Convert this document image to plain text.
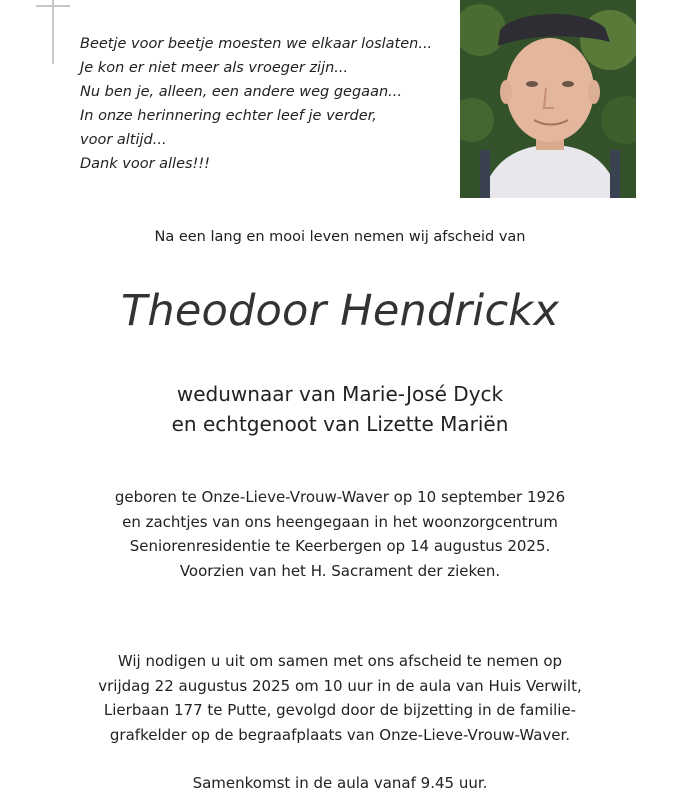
Beetje voor beetje moesten we elkaar loslaten...
Je kon er niet meer als vroeger zijn...
Nu ben je, alleen, een andere weg gegaan...
In onze herinnering echter leef je verder,
voor altijd...
Dank voor alles!!!
Na een lang en mooi leven nemen wij afscheid van
Theodoor Hendrickx
weduwnaar van Marie-José Dyck
en echtgenoot van Lizette Mariën
geboren te Onze-Lieve-Vrouw-Waver op 10 september 1926
en zachtjes van ons heengegaan in het woonzorgcentrum
Seniorenresidentie te Keerbergen op 14 augustus 2025.
Voorzien van het H. Sacrament der zieken.
Wij nodigen u uit om samen met ons afscheid te nemen op
vrijdag 22 augustus 2025 om 10 uur in de aula van Huis Verwilt,
Lierbaan 177 te Putte, gevolgd door de bijzetting in de familie-
grafkelder op de begraafplaats van Onze-Lieve-Vrouw-Waver.
Samenkomst in de aula vanaf 9.45 uur.
